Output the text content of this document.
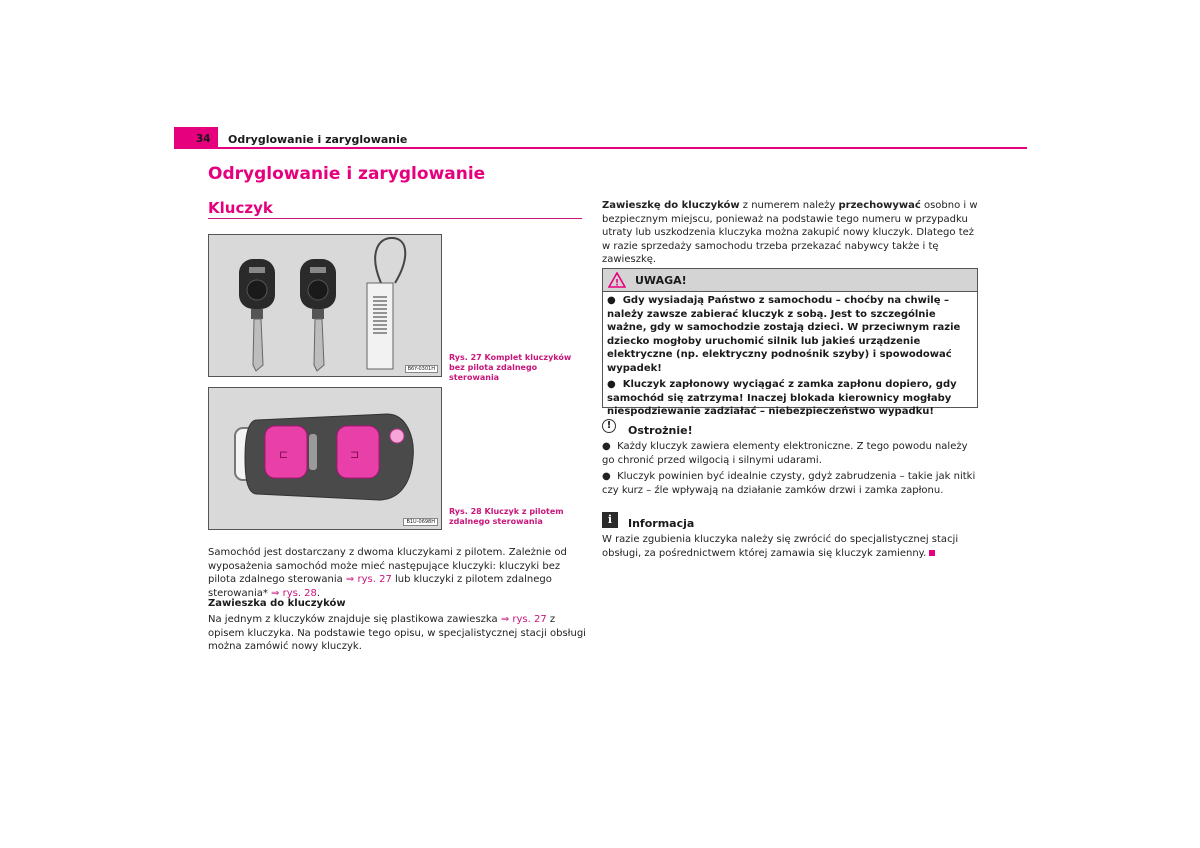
34 Odryglowanie i zaryglowanie
Odryglowanie i zaryglowanie
Kluczyk
B6Y-0301H
Rys. 27 Komplet kluczyków bez pilota zdalnego sterowania
⊏	⊐
B1U-0698H
Rys. 28 Kluczyk z pilotem zdalnego sterowania
Samochód jest dostarczany z dwoma kluczykami z pilotem. Zależnie od wyposażenia samochód może mieć następujące kluczyki: kluczyki bez pilota zdalnego sterowania ⇒ rys. 27 lub kluczyki z pilotem zdalnego sterowania* ⇒ rys. 28.
Zawieszka do kluczyków
Na jednym z kluczyków znajduje się plastikowa zawieszka ⇒ rys. 27 z opisem kluczyka. Na podstawie tego opisu, w specjalistycznej stacji obsługi można zamówić nowy kluczyk.
Zawieszkę do kluczyków z numerem należy przechowywać osobno i w bezpiecznym miejscu, ponieważ na podstawie tego numeru w przypadku utraty lub uszkodzenia kluczyka można zakupić nowy kluczyk. Dlatego też w razie sprzedaży samochodu trzeba przekazać nabywcy także i tę zawieszkę.
! UWAGA!
●  Gdy wysiadają Państwo z samochodu – choćby na chwilę – należy zawsze zabierać kluczyk z sobą. Jest to szczególnie ważne, gdy w samochodzie zostają dzieci. W przeciwnym razie dziecko mogłoby uruchomić silnik lub jakieś urządzenie elektryczne (np. elektryczny podnośnik szyby) i spowodować wypadek!
●  Kluczyk zapłonowy wyciągać z zamka zapłonu dopiero, gdy samochód się zatrzyma! Inaczej blokada kierownicy mogłaby niespodziewanie zadziałać – niebezpieczeństwo wypadku!
!	Ostrożnie!
●  Każdy kluczyk zawiera elementy elektroniczne. Z tego powodu należy go chronić przed wilgocią i silnymi udarami.
●  Kluczyk powinien być idealnie czysty, gdyż zabrudzenia – takie jak nitki czy kurz – źle wpływają na działanie zamków drzwi i zamka zapłonu.
i	Informacja
W razie zgubienia kluczyka należy się zwrócić do specjalistycznej stacji obsługi, za pośrednictwem której zamawia się kluczyk zamienny.
